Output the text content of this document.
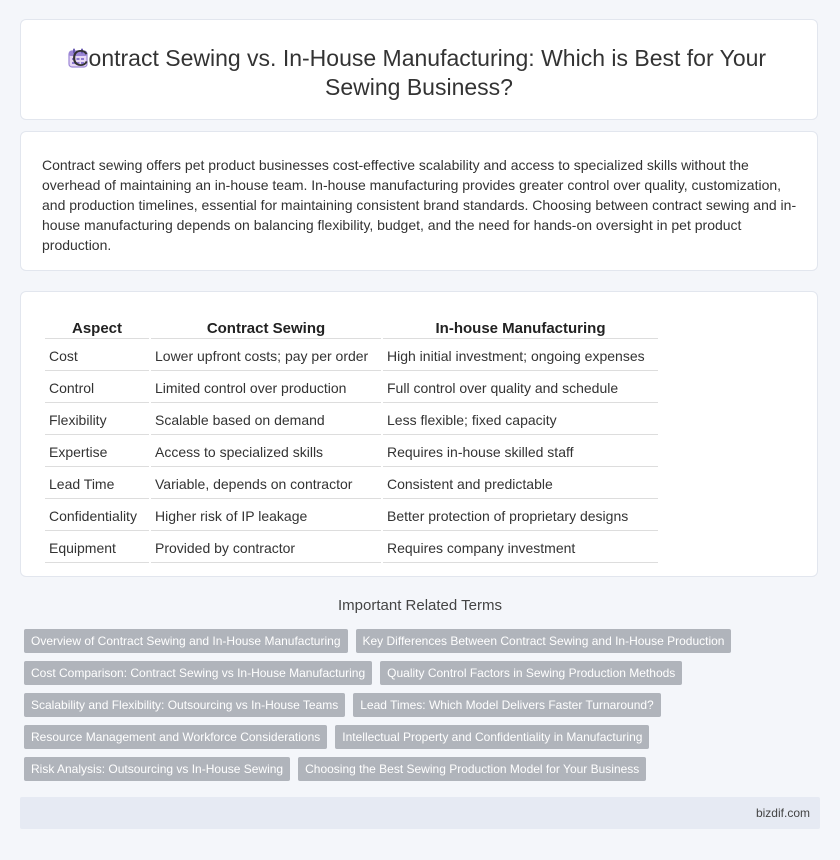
Contract Sewing vs. In-House Manufacturing: Which is Best for Your Sewing Business?

Contract sewing offers pet product businesses cost-effective scalability and access to specialized skills without the overhead of maintaining an in-house team. In-house manufacturing provides greater control over quality, customization, and production timelines, essential for maintaining consistent brand standards. Choosing between contract sewing and in-house manufacturing depends on balancing flexibility, budget, and the need for hands-on oversight in pet product production.

Aspect	Contract Sewing	In-house Manufacturing
Cost	Lower upfront costs; pay per order	High initial investment; ongoing expenses
Control	Limited control over production	Full control over quality and schedule
Flexibility	Scalable based on demand	Less flexible; fixed capacity
Expertise	Access to specialized skills	Requires in-house skilled staff
Lead Time	Variable, depends on contractor	Consistent and predictable
Confidentiality	Higher risk of IP leakage	Better protection of proprietary designs
Equipment	Provided by contractor	Requires company investment
Important Related Terms
Overview of Contract Sewing and In-House Manufacturing	Key Differences Between Contract Sewing and In-House Production
Cost Comparison: Contract Sewing vs In-House Manufacturing	Quality Control Factors in Sewing Production Methods
Scalability and Flexibility: Outsourcing vs In-House Teams	Lead Times: Which Model Delivers Faster Turnaround?
Resource Management and Workforce Considerations	Intellectual Property and Confidentiality in Manufacturing
Risk Analysis: Outsourcing vs In-House Sewing	Choosing the Best Sewing Production Model for Your Business
bizdif.com
